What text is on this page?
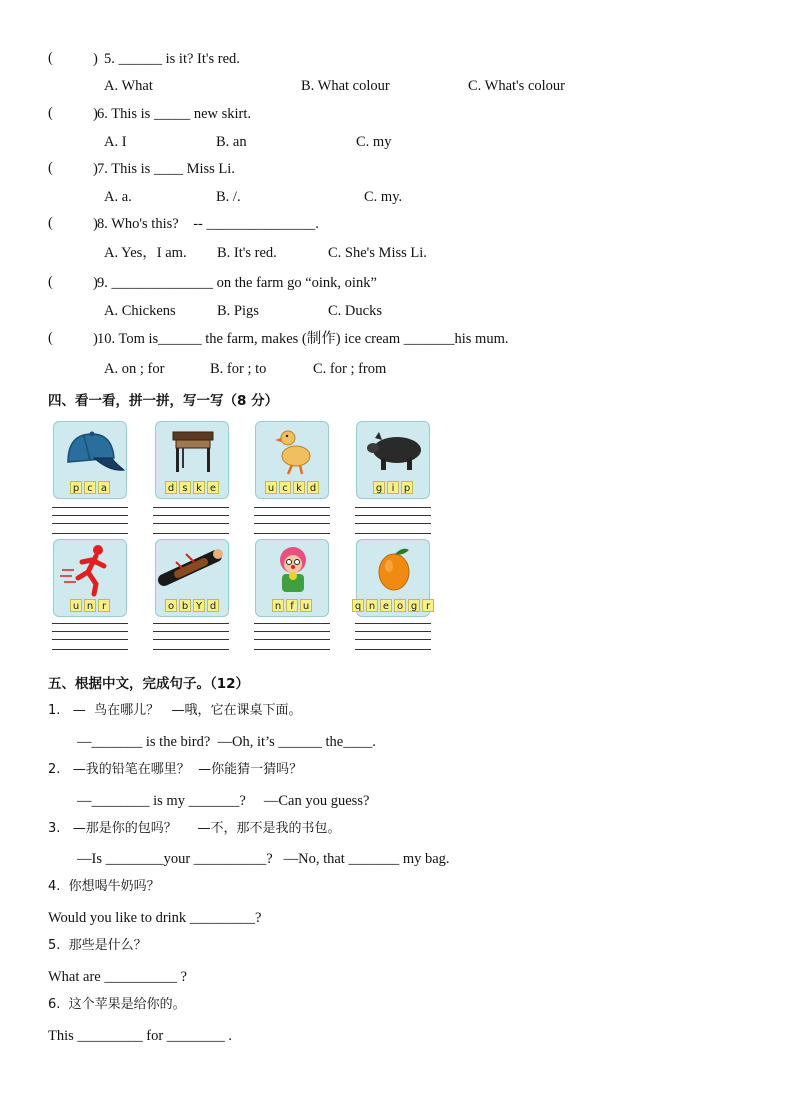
(	) 5. ______ is it? It's red.
A. What	B. What colour	C. What's colour
(	) 6. This is _____ new skirt.
A. I	B. an	C. my
(	) 7. This is ____ Miss Li.
A. a.	B. /.	C. my.
(	) 8. Who's this?    -- _______________.
A. Yes，I am. B. It's red.	C. She's Miss Li.
(	) 9. ______________ on the farm go “oink, oink”
A. Chickens	B. Pigs	C. Ducks
(	) 10. Tom is______ the farm, makes (制作) ice cream _______his mum.
A. on ; for	B. for ; to	C. for ; from
四、看一看，拼一拼，写一写（8 分）
p c a	d s k e	u c k d	g i p
u n r	o b Y d	n f u	q n e o g r
五、根据中文，完成句子。（12）
1.   —  鸟在哪儿？   —哦，它在课桌下面。
—_______ is the bird?  —Oh, it’s ______ the____.
2.   —我的铅笔在哪里？  —你能猜一猜吗？
—________ is my _______?     —Can you guess?
3.   —那是你的包吗？     —不，那不是我的书包。
—Is ________your __________?   —No, that _______ my bag.
4.  你想喝牛奶吗？
Would you like to drink _________?
5.  那些是什么？
What are __________ ?
6.  这个苹果是给你的。
This _________ for ________ .
